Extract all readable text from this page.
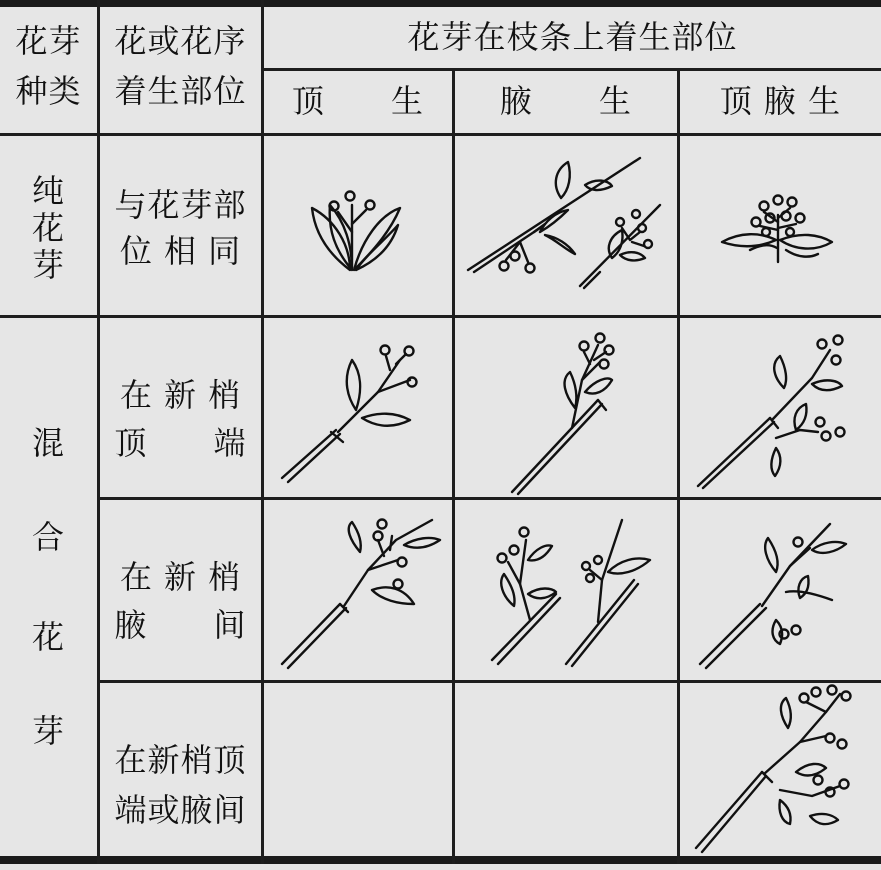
花芽
种类
花或花序
着生部位
花芽在枝条上着生部位
顶　　生	腋　　生	顶 腋 生
纯
花
芽
与花芽部
位 相 同
混
合
花
芽
在 新 梢
顶　　端
在 新 梢
腋　　间
在新梢顶
端或腋间
